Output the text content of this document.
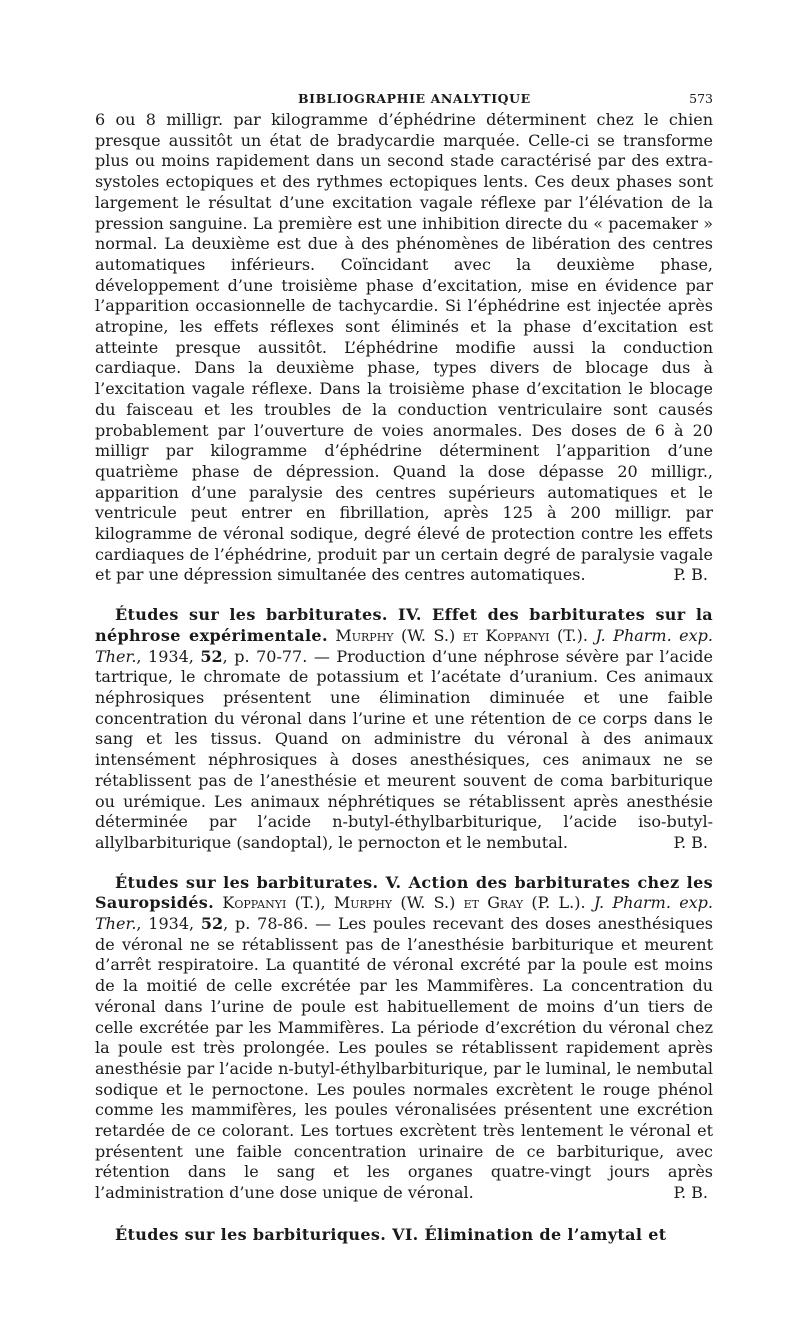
BIBLIOGRAPHIE ANALYTIQUE	573

6 ou 8 milligr. par kilogramme d’éphédrine déterminent chez le chien presque aussitôt un état de bradycardie marquée. Celle-ci se transforme plus ou moins rapidement dans un second stade caractérisé par des extra-systoles ectopiques et des rythmes ectopiques lents. Ces deux phases sont largement le résultat d’une excitation vagale réflexe par l’élévation de la pression sanguine. La première est une inhibition directe du « pacemaker » normal. La deuxième est due à des phénomènes de libération des centres automatiques inférieurs. Coïncidant avec la deuxième phase, développement d’une troisième phase d’excitation, mise en évidence par l’apparition occasionnelle de tachycardie. Si l’éphédrine est injectée après atropine, les effets réflexes sont éliminés et la phase d’excitation est atteinte presque aussitôt. L’éphédrine modifie aussi la conduction cardiaque. Dans la deuxième phase, types divers de blocage dus à l’excitation vagale réflexe. Dans la troisième phase d’excitation le blocage du faisceau et les troubles de la conduction ventriculaire sont causés probablement par l’ouverture de voies anormales. Des doses de 6 à 20 milligr par kilogramme d’éphédrine déterminent l’apparition d’une quatrième phase de dépression. Quand la dose dépasse 20 milligr., apparition d’une paralysie des centres supérieurs automatiques et le ventricule peut entrer en fibrillation, après 125 à 200 milligr. par kilogramme de véronal sodique, degré élevé de protection contre les effets cardiaques de l’éphédrine, produit par un certain degré de paralysie vagale et par une dépression simultanée des centres automatiques.	P. B.

Études sur les barbiturates. IV. Effet des barbiturates sur la néphrose expérimentale. Murphy (W. S.) et Koppanyi (T.). J. Pharm. exp. Ther., 1934, 52, p. 70-77. — Production d’une néphrose sévère par l’acide tartrique, le chromate de potassium et l’acétate d’uranium. Ces animaux néphrosiques présentent une élimination diminuée et une faible concentration du véronal dans l’urine et une rétention de ce corps dans le sang et les tissus. Quand on administre du véronal à des animaux intensément néphrosiques à doses anesthésiques, ces animaux ne se rétablissent pas de l’anesthésie et meurent souvent de coma barbiturique ou urémique. Les animaux néphrétiques se rétablissent après anesthésie déterminée par l’acide n-butyl-éthylbarbiturique, l’acide iso-butyl-allylbarbiturique (sandoptal), le pernocton et le nembutal.	P. B.

Études sur les barbiturates. V. Action des barbiturates chez les Sauropsidés. Koppanyi (T.), Murphy (W. S.) et Gray (P. L.). J. Pharm. exp. Ther., 1934, 52, p. 78-86. — Les poules recevant des doses anesthésiques de véronal ne se rétablissent pas de l’anesthésie barbiturique et meurent d’arrêt respiratoire. La quantité de véronal excrété par la poule est moins de la moitié de celle excrétée par les Mammifères. La concentration du véronal dans l’urine de poule est habituellement de moins d’un tiers de celle excrétée par les Mammifères. La période d’excrétion du véronal chez la poule est très prolongée. Les poules se rétablissent rapidement après anesthésie par l’acide n-butyl-éthylbarbiturique, par le luminal, le nembutal sodique et le pernoctone. Les poules normales excrètent le rouge phénol comme les mammifères, les poules véronalisées présentent une excrétion retardée de ce colorant. Les tortues excrètent très lentement le véronal et présentent une faible concentration urinaire de ce barbiturique, avec rétention dans le sang et les organes quatre-vingt jours après l’administration d’une dose unique de véronal.	P. B.

Études sur les barbituriques. VI. Élimination de l’amytal et
